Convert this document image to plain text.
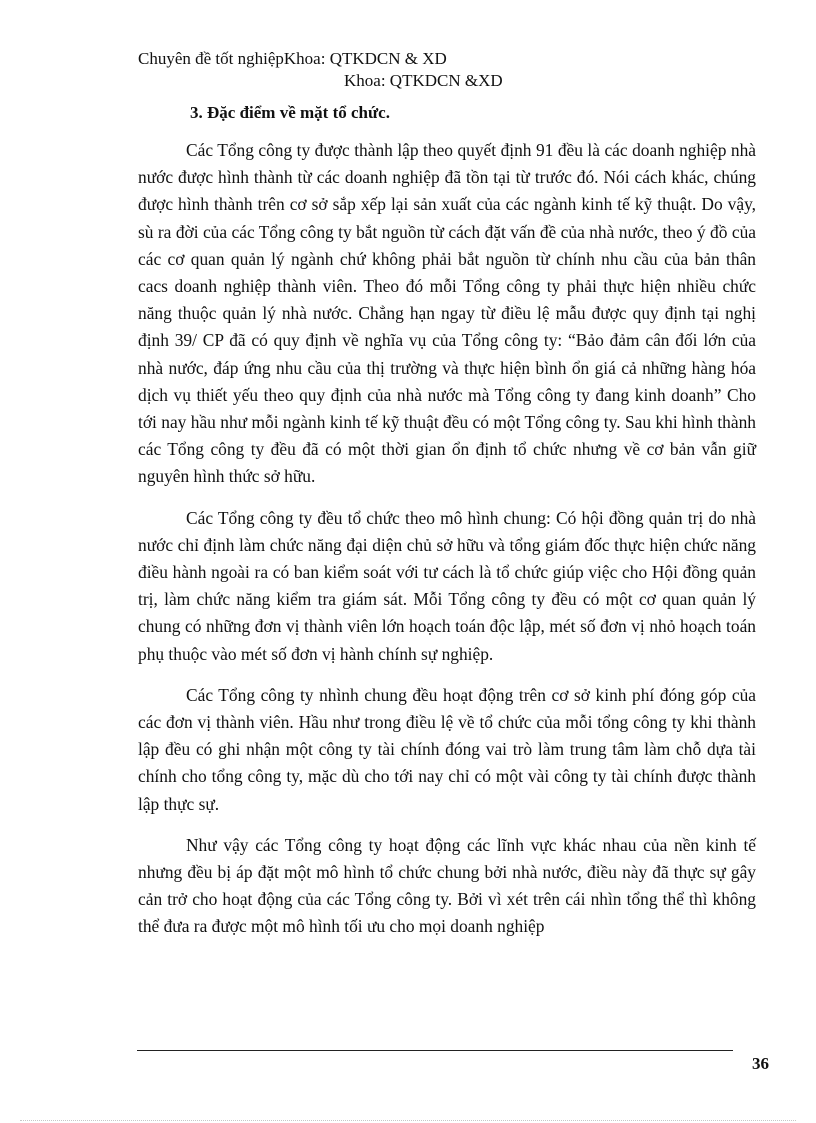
Chuyên đề tốt nghiệpKhoa: QTKDCN & XD
Khoa: QTKDCN &XD
3. Đặc điểm về mặt tổ chức.

Các Tổng công ty được thành lập theo quyết định 91 đều là các doanh nghiệp nhà nước được hình thành từ các doanh nghiệp đã tồn tại từ trước đó. Nói cách khác, chúng được hình thành trên cơ sở sắp xếp lại sản xuất của các ngành kinh tế kỹ thuật. Do vậy, sù ra đời của các Tổng công ty bắt nguồn từ cách đặt vấn đề của nhà nước, theo ý đồ của các cơ quan quản lý ngành chứ không phải bắt nguồn từ chính nhu cầu của bản thân cacs doanh nghiệp thành viên. Theo đó mỗi Tổng công ty phải thực hiện nhiều chức năng thuộc quản lý nhà nước. Chẳng hạn ngay từ điều lệ mẫu được quy định tại nghị định 39/ CP đã có quy định về nghĩa vụ của Tổng công ty: “Bảo đảm cân đối lớn của nhà nước, đáp ứng nhu cầu của thị trường và thực hiện bình ổn giá cả những hàng hóa dịch vụ thiết yếu theo quy định của nhà nước mà Tổng công ty đang kinh doanh” Cho tới nay hầu như mỗi ngành kinh tế kỹ thuật đều có một Tổng công ty. Sau khi hình thành các Tổng công ty đều đã có một thời gian ổn định tổ chức nhưng về cơ bản vẫn giữ nguyên hình thức sở hữu.

Các Tổng công ty đều tổ chức theo mô hình chung: Có hội đồng quản trị do nhà nước chỉ định làm chức năng đại diện chủ sở hữu và tổng giám đốc thực hiện chức năng điều hành ngoài ra có ban kiểm soát với tư cách là tổ chức giúp việc cho Hội đồng quản trị, làm chức năng kiểm tra giám sát. Mỗi Tổng công ty đều có một cơ quan quản lý chung có những đơn vị thành viên lớn hoạch toán độc lập, mét số đơn vị nhỏ hoạch toán phụ thuộc vào mét số đơn vị hành chính sự nghiệp.

Các Tổng công ty nhình chung đều hoạt động trên cơ sở kinh phí đóng góp của các đơn vị thành viên. Hầu như trong điều lệ về tổ chức của mỗi tổng công ty khi thành lập đều có ghi nhận một công ty tài chính đóng vai trò làm trung tâm làm chỗ dựa tài chính cho tổng công ty, mặc dù cho tới nay chỉ có một vài công ty tài chính được thành lập thực sự.

Như vậy các Tổng công ty hoạt động các lĩnh vực khác nhau của nền kinh tế nhưng đều bị áp đặt một mô hình tổ chức chung bởi nhà nước, điều này đã thực sự gây cản trở cho hoạt động của các Tổng công ty. Bởi vì xét trên cái nhìn tổng thể thì không thể đưa ra được một mô hình tối ưu cho mọi doanh nghiệp

36
